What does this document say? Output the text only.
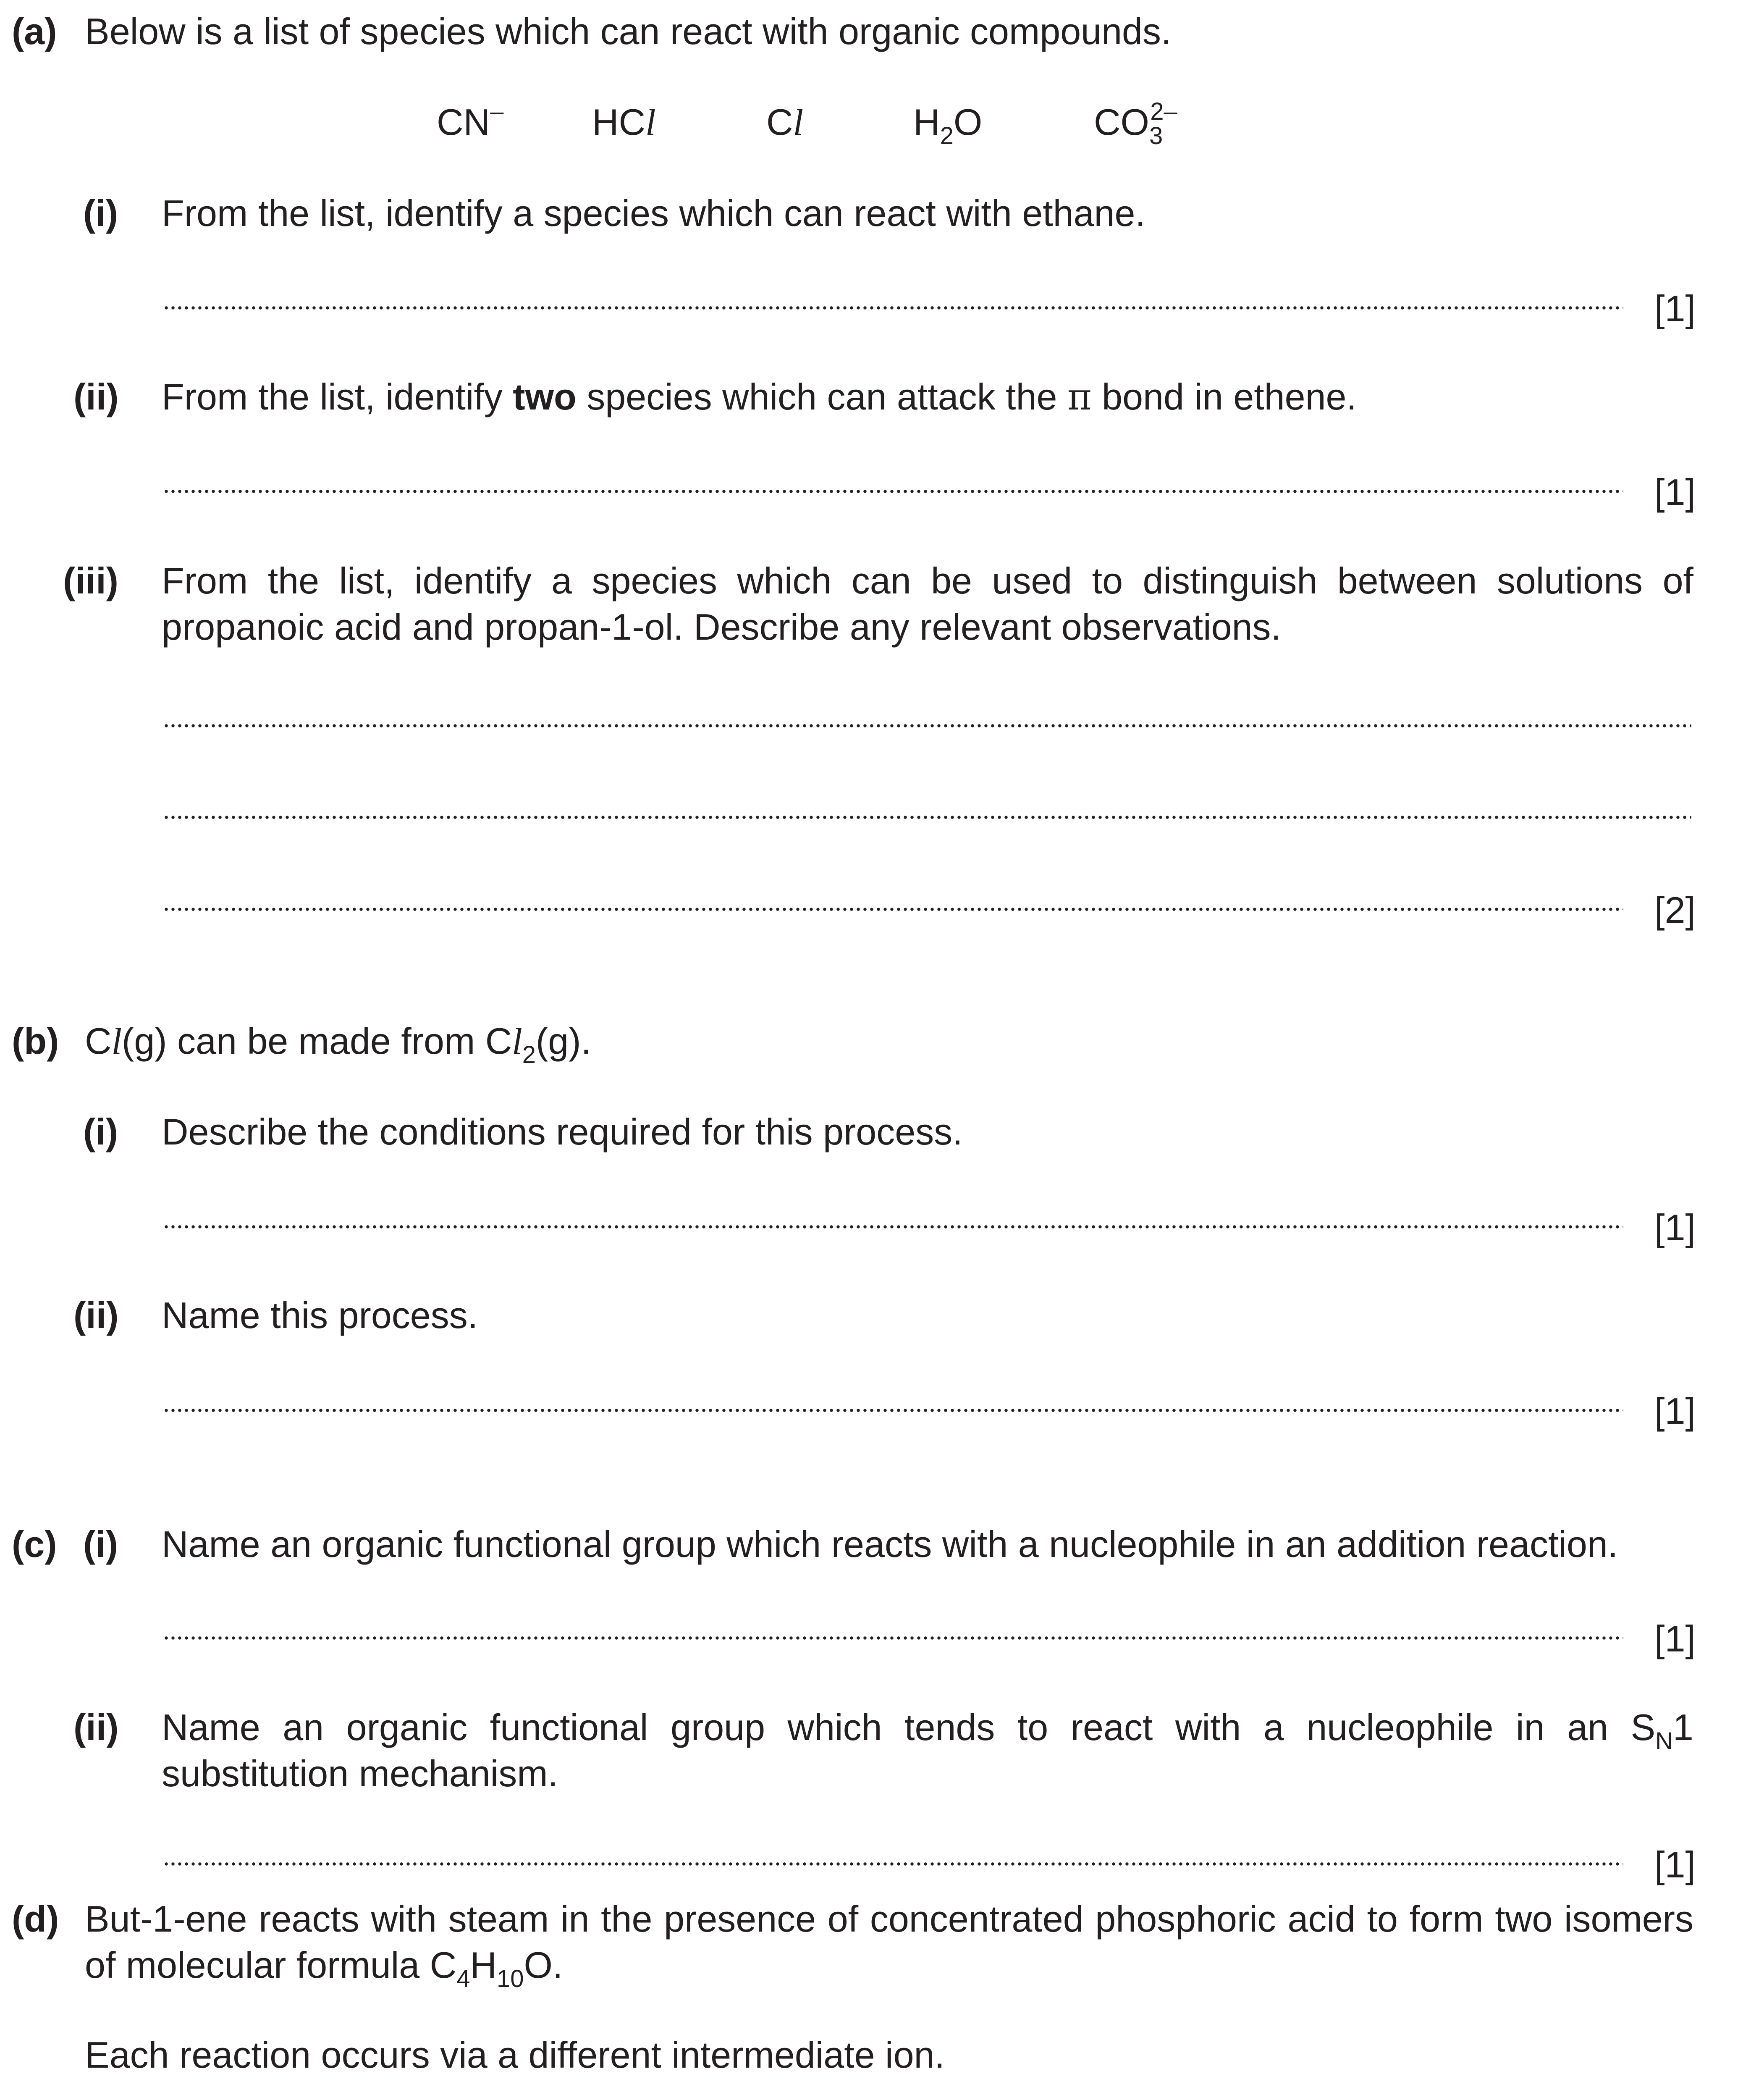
(a) Below is a list of species which can react with organic compounds.
CN– HCl	Cl	$H_2O$	$CO_3^{2-}$
(i) From the list, identify a species which can react with ethane.
[1]
(ii) From the list, identify two species which can attack the π bond in ethene.
[1]
(iii) From the list, identify a species which can be used to distinguish between solutions of propanoic acid and propan-1-ol. Describe any relevant observations.
[2]
(b) Cl(g) can be made from $Cl_2(g)$.
(i) Describe the conditions required for this process.
[1]
(ii) Name this process.
[1]
(c) (i) Name an organic functional group which reacts with a nucleophile in an addition reaction.
[1]
(ii) Name an organic functional group which tends to react with a nucleophile in an $S_N1$ substitution mechanism.
[1]
(d) But-1-ene reacts with steam in the presence of concentrated phosphoric acid to form two isomers of molecular formula $C_4H_{10}O$.
Each reaction occurs via a different intermediate ion.
